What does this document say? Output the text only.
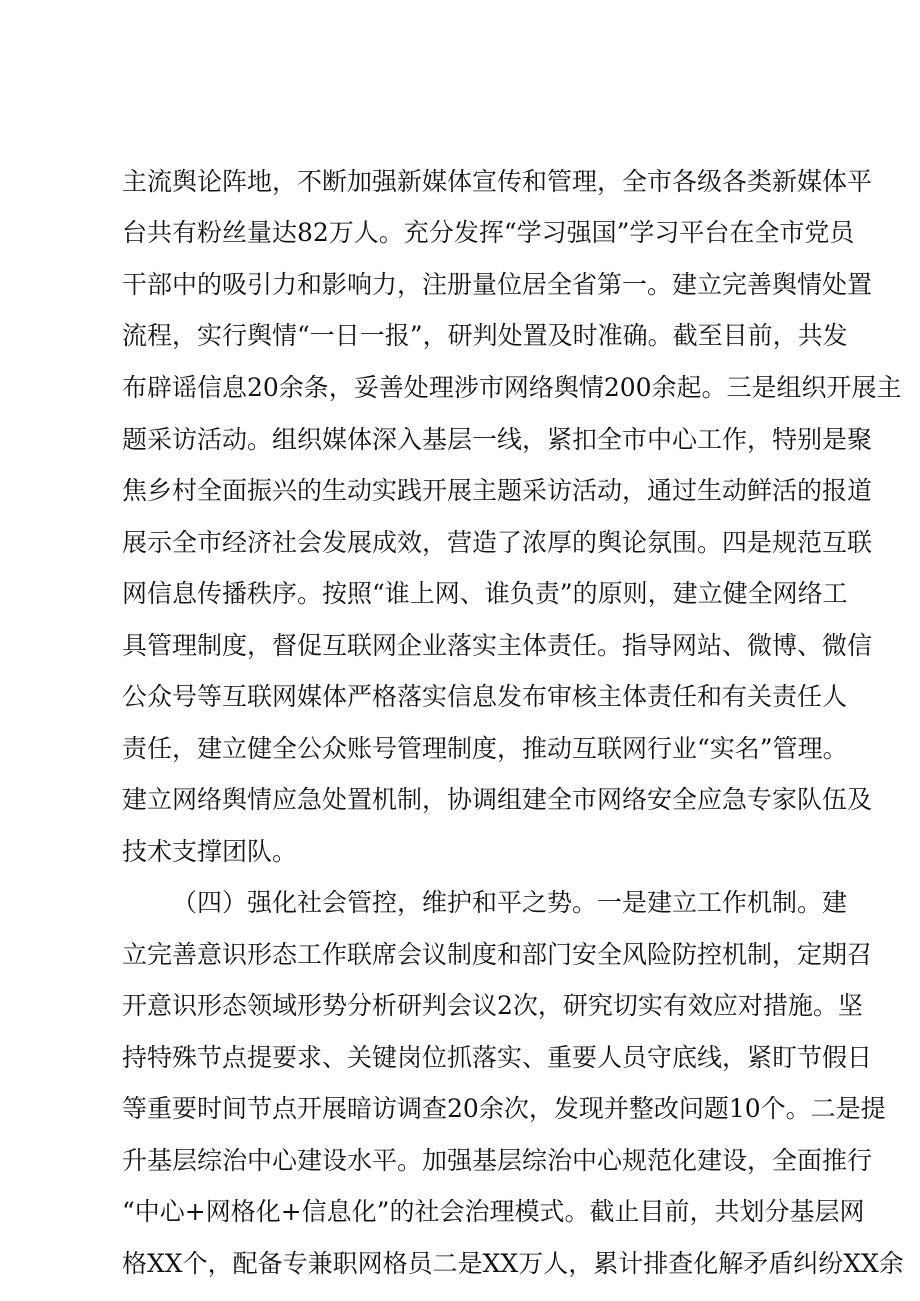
主流舆论阵地，不断加强新媒体宣传和管理，全市各级各类新媒体平
台共有粉丝量达82万人。充分发挥“学习强国”学习平台在全市党员
干部中的吸引力和影响力，注册量位居全省第一。建立完善舆情处置
流程，实行舆情“一日一报”，研判处置及时准确。截至目前，共发
布辟谣信息20余条，妥善处理涉市网络舆情200余起。三是组织开展主
题采访活动。组织媒体深入基层一线，紧扣全市中心工作，特别是聚
焦乡村全面振兴的生动实践开展主题采访活动，通过生动鲜活的报道
展示全市经济社会发展成效，营造了浓厚的舆论氛围。四是规范互联
网信息传播秩序。按照“谁上网、谁负责”的原则，建立健全网络工
具管理制度，督促互联网企业落实主体责任。指导网站、微博、微信
公众号等互联网媒体严格落实信息发布审核主体责任和有关责任人
责任，建立健全公众账号管理制度，推动互联网行业“实名”管理。
建立网络舆情应急处置机制，协调组建全市网络安全应急专家队伍及
技术支撑团队。
（四）强化社会管控，维护和平之势。一是建立工作机制。建
立完善意识形态工作联席会议制度和部门安全风险防控机制，定期召
开意识形态领域形势分析研判会议2次，研究切实有效应对措施。坚
持特殊节点提要求、关键岗位抓落实、重要人员守底线，紧盯节假日
等重要时间节点开展暗访调查20余次，发现并整改问题10个。二是提
升基层综治中心建设水平。加强基层综治中心规范化建设，全面推行
“中心+网格化+信息化”的社会治理模式。截止目前，共划分基层网
格XX个，配备专兼职网格员二是XX万人，累计排查化解矛盾纠纷XX余
